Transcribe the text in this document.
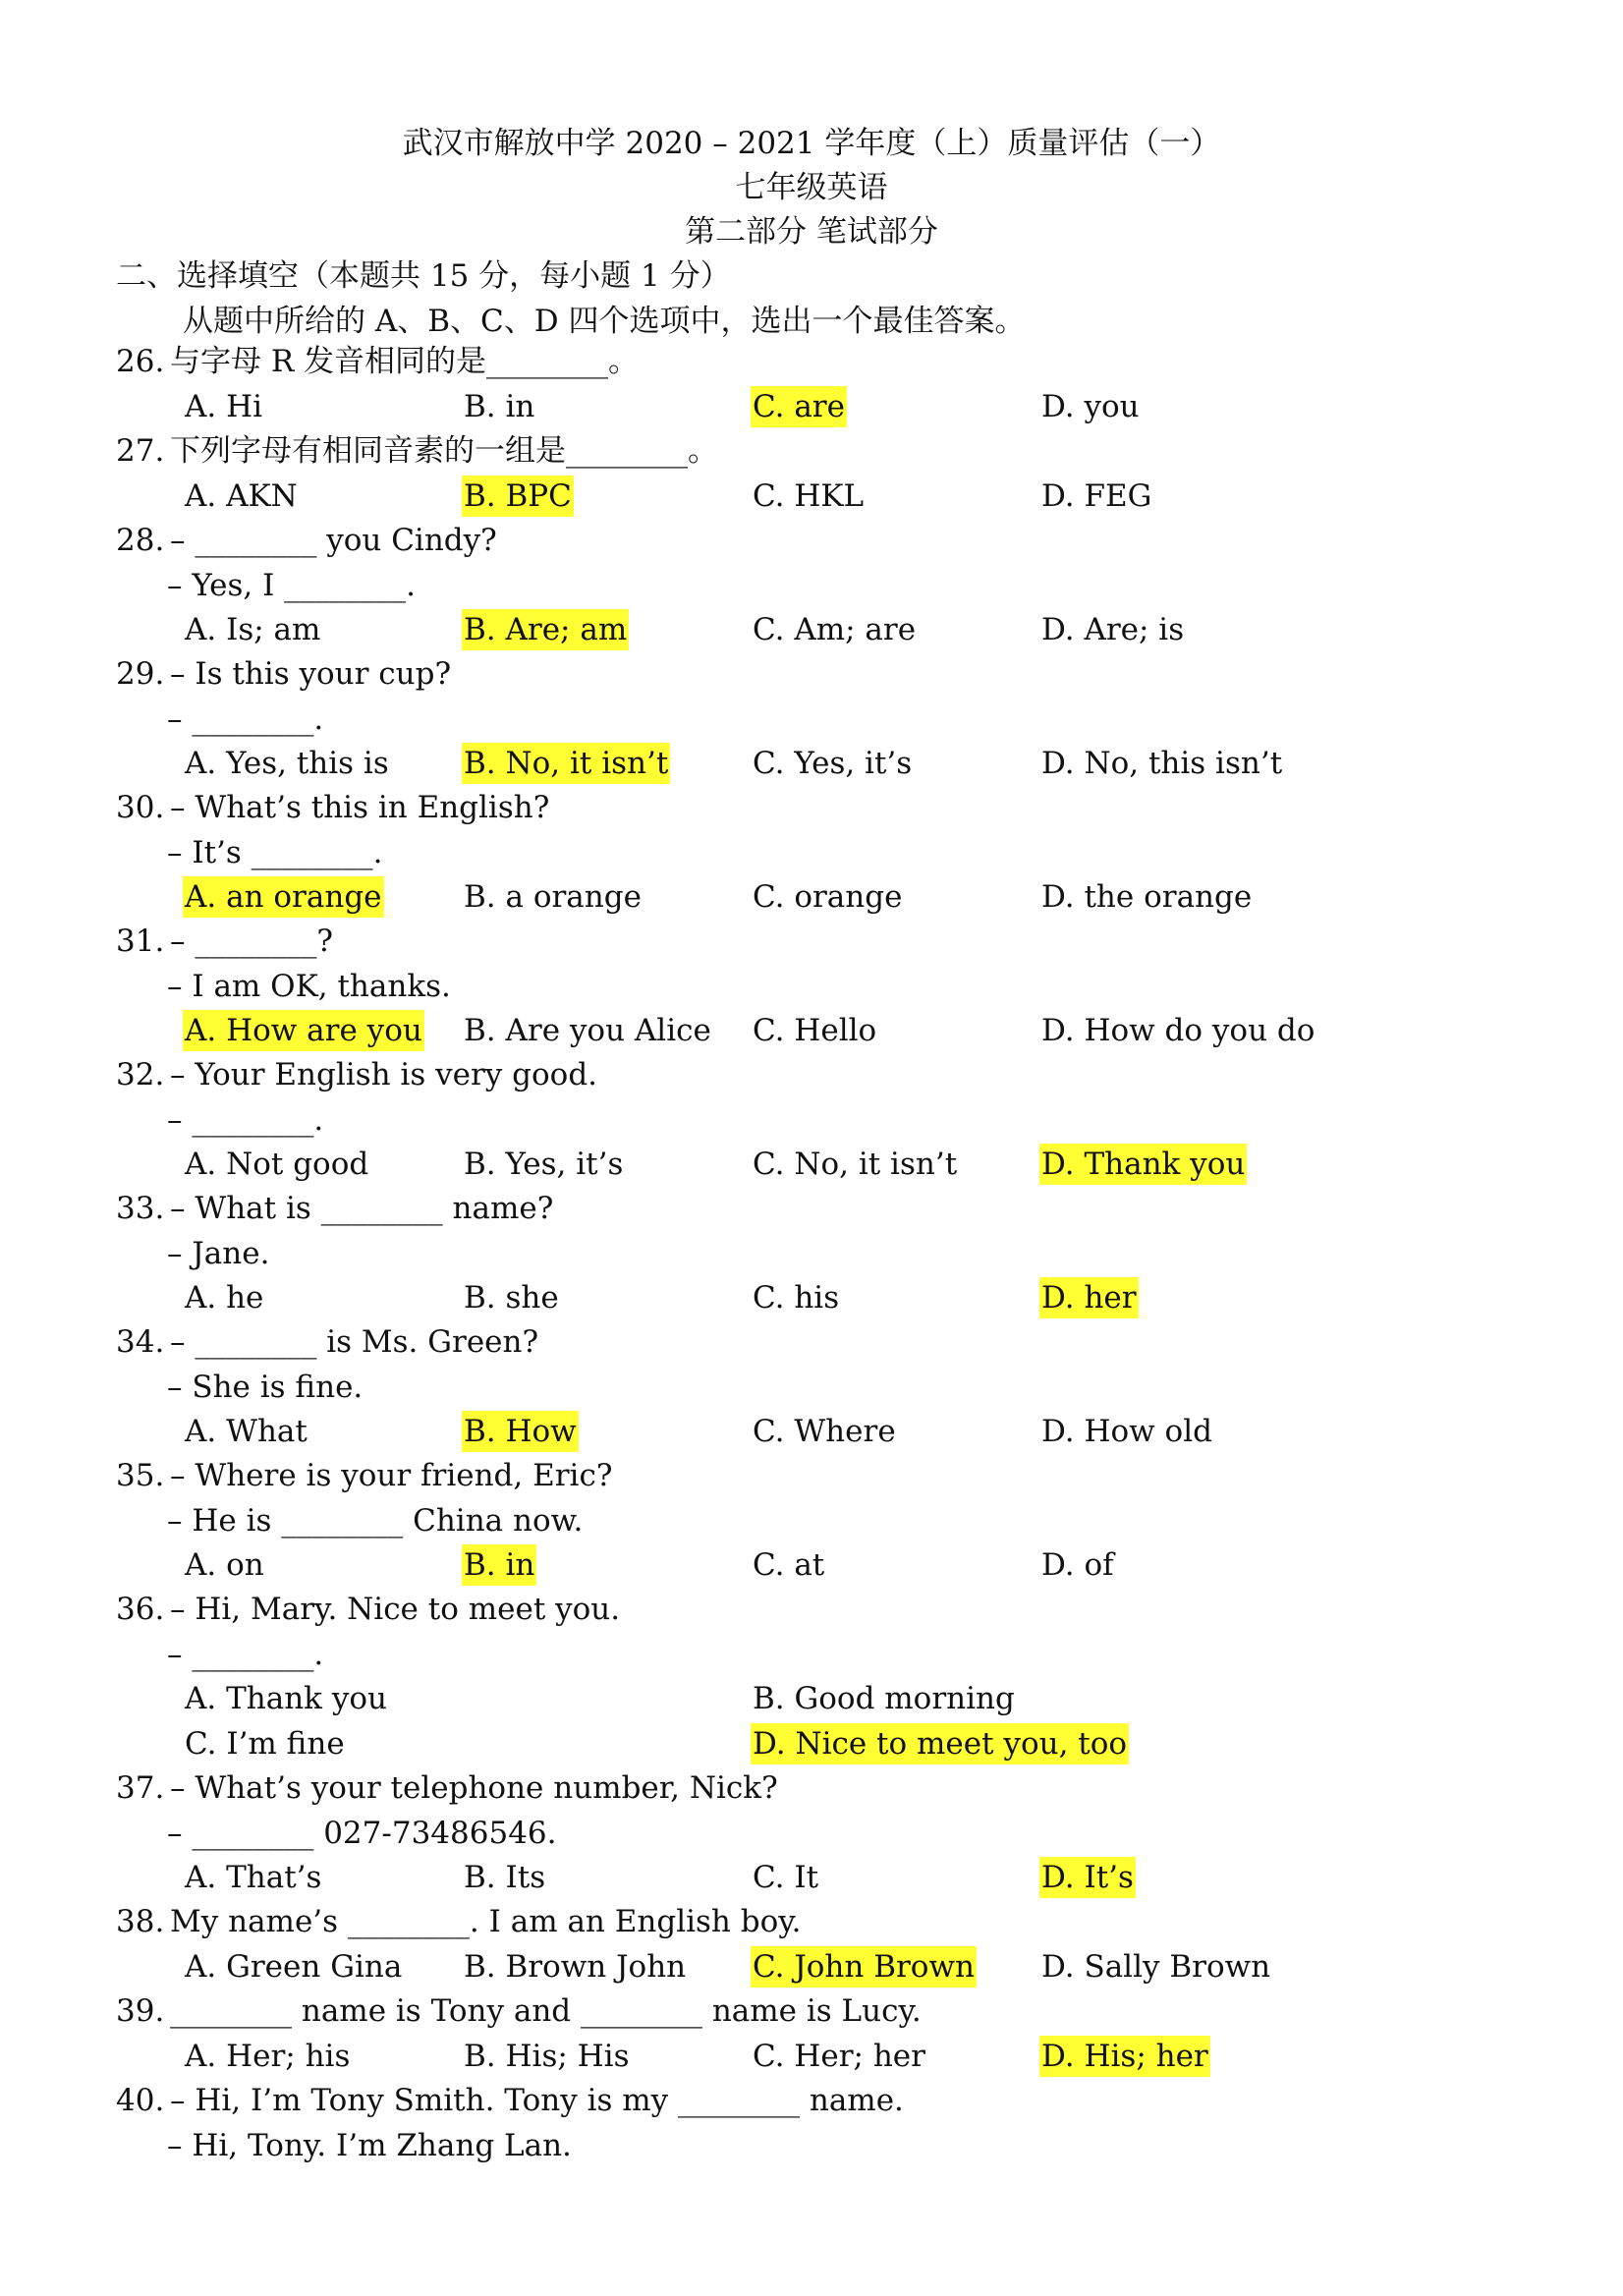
武汉市解放中学 2020 – 2021 学年度（上）质量评估（一）
七年级英语
第二部分 笔试部分
二、选择填空（本题共 15 分，每小题 1 分）
从题中所给的 A、B、C、D 四个选项中，选出一个最佳答案。
26. 与字母 R 发音相同的是________。
A. Hi	B. in	C. are	D. you
27. 下列字母有相同音素的一组是________。
A. AKN	B. BPC	C. HKL	D. FEG
28. – ________ you Cindy?
– Yes, I ________.
A. Is; am	B. Are; am	C. Am; are	D. Are; is
29. – Is this your cup?
– ________.
A. Yes, this is B. No, it isn’t	C. Yes, it’s	D. No, this isn’t
30. – What’s this in English?
– It’s ________.
A. an orange	B. a orange	C. orange	D. the orange
31. – ________?
– I am OK, thanks.
A. How are you B. Are you Alice C. Hello	D. How do you do
32. – Your English is very good.
– ________.
A. Not good	B. Yes, it’s	C. No, it isn’t	D. Thank you
33. – What is ________ name?
– Jane.
A. he	B. she	C. his	D. her
34. – ________ is Ms. Green?
– She is fine.
A. What	B. How	C. Where	D. How old
35. – Where is your friend, Eric?
– He is ________ China now.
A. on	B. in	C. at	D. of
36. – Hi, Mary. Nice to meet you.
– ________.
A. Thank you	B. Good morning
C. I’m fine	D. Nice to meet you, too
37. – What’s your telephone number, Nick?
– ________ 027-73486546.
A. That’s	B. Its	C. It	D. It’s
38. My name’s ________. I am an English boy.
A. Green Gina B. Brown John C. John Brown D. Sally Brown
39. ________ name is Tony and ________ name is Lucy.
A. Her; his	B. His; His	C. Her; her	D. His; her
40. – Hi, I’m Tony Smith. Tony is my ________ name.
– Hi, Tony. I’m Zhang Lan.
